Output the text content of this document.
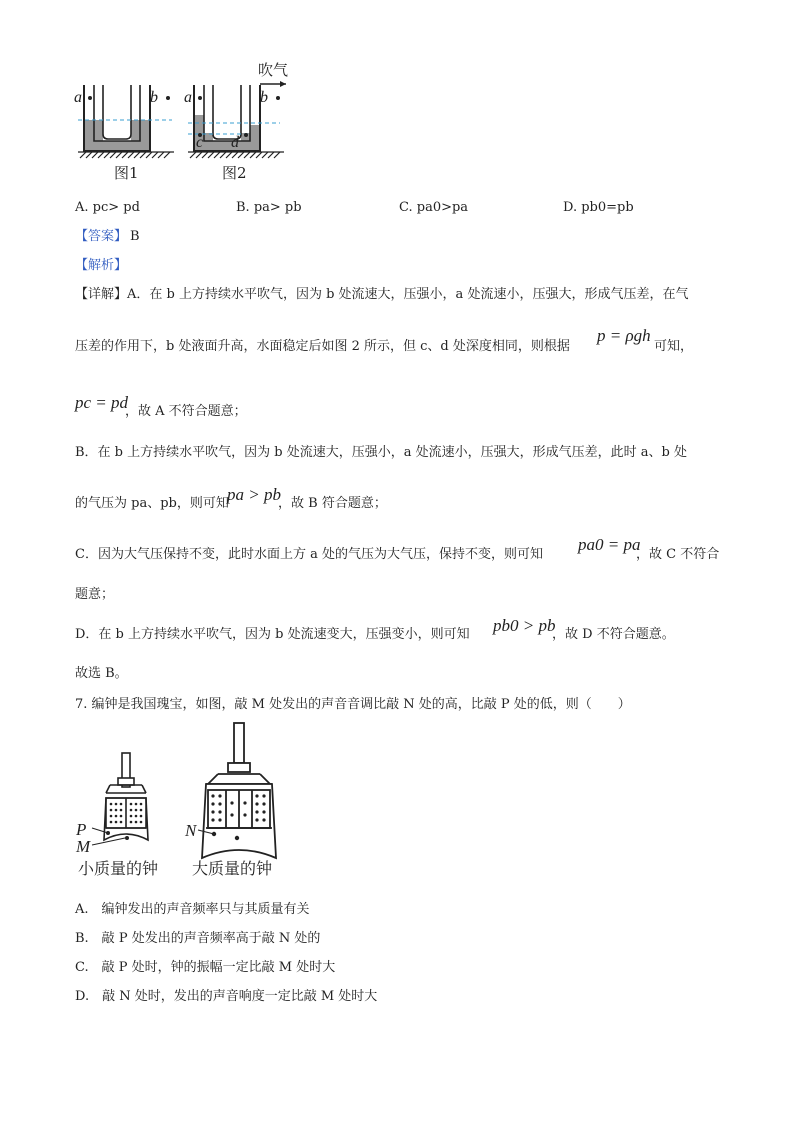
a	b a	b
c d
吹气
图1	图2
A. pc> pd	B. pa> pb	C. pa0>pa	D. pb0=pb
【答案】 B
【解析】
【详解】A．在 b 上方持续水平吹气，因为 b 处流速大，压强小，a 处流速小，压强大，形成气压差，在气
压差的作用下，b 处液面升高，水面稳定后如图 2 所示，但 c、d 处深度相同，则根据
p = ρgh
可知，
pc = pd
，故 A 不符合题意；
B．在 b 上方持续水平吹气，因为 b 处流速大，压强小，a 处流速小，压强大，形成气压差，此时 a、b 处
的气压为 pa、pb，则可知
pa > pb
，故 B 符合题意；
C．因为大气压保持不变，此时水面上方 a 处的气压为大气压，保持不变，则可知
pa0 = pa
，故 C 不符合
题意；
D．在 b 上方持续水平吹气，因为 b 处流速变大，压强变小，则可知 pb0 > pb
，故 D 不符合题意。
故选 B。
7. 编钟是我国瑰宝，如图，敲 M 处发出的声音音调比敲 N 处的高，比敲 P 处的低，则（　　）
P
M
N
小质量的钟 大质量的钟
A.　编钟发出的声音频率只与其质量有关
B.　敲 P 处发出的声音频率高于敲 N 处的
C.　敲 P 处时，钟的振幅一定比敲 M 处时大
D.　敲 N 处时，发出的声音响度一定比敲 M 处时大
